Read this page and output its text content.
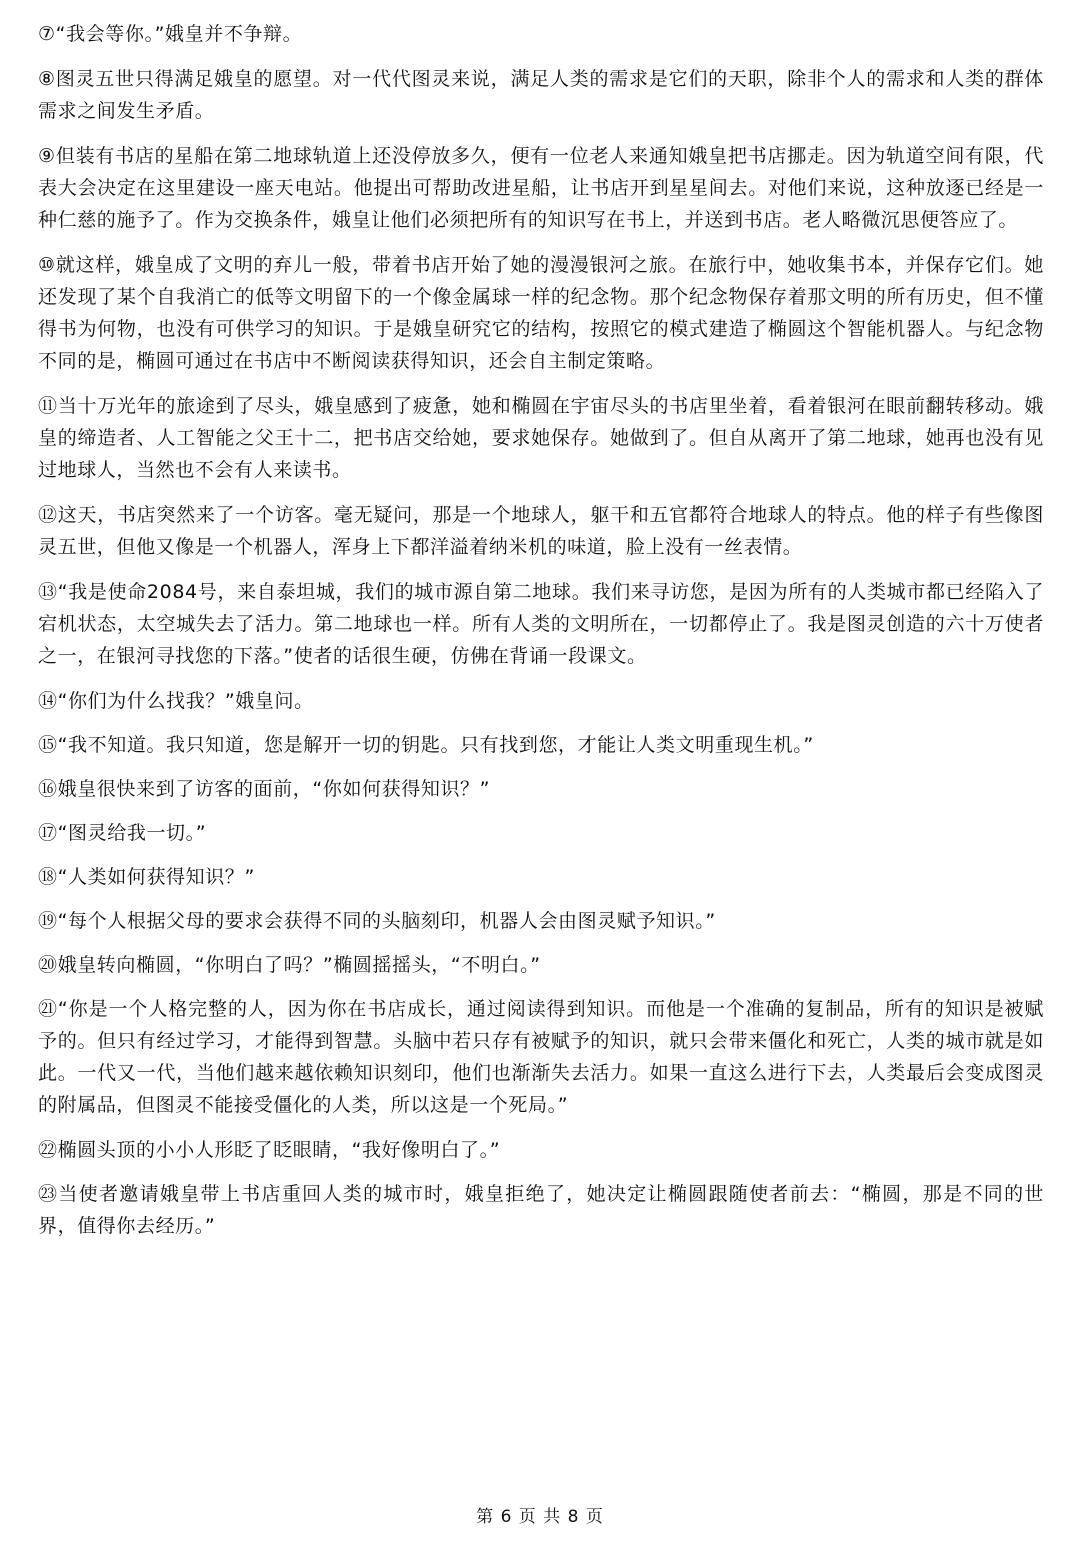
⑦“我会等你。”娥皇并不争辩。

⑧图灵五世只得满足娥皇的愿望。对一代代图灵来说，满足人类的需求是它们的天职，除非个人的需求和人类的群体需求之间发生矛盾。

⑨但装有书店的星船在第二地球轨道上还没停放多久，便有一位老人来通知娥皇把书店挪走。因为轨道空间有限，代表大会决定在这里建设一座天电站。他提出可帮助改进星船，让书店开到星星间去。对他们来说，这种放逐已经是一种仁慈的施予了。作为交换条件，娥皇让他们必须把所有的知识写在书上，并送到书店。老人略微沉思便答应了。

⑩就这样，娥皇成了文明的弃儿一般，带着书店开始了她的漫漫银河之旅。在旅行中，她收集书本，并保存它们。她还发现了某个自我消亡的低等文明留下的一个像金属球一样的纪念物。那个纪念物保存着那文明的所有历史，但不懂得书为何物，也没有可供学习的知识。于是娥皇研究它的结构，按照它的模式建造了椭圆这个智能机器人。与纪念物不同的是，椭圆可通过在书店中不断阅读获得知识，还会自主制定策略。

⑪当十万光年的旅途到了尽头，娥皇感到了疲惫，她和椭圆在宇宙尽头的书店里坐着，看着银河在眼前翻转移动。娥皇的缔造者、人工智能之父王十二，把书店交给她，要求她保存。她做到了。但自从离开了第二地球，她再也没有见过地球人，当然也不会有人来读书。

⑫这天，书店突然来了一个访客。毫无疑问，那是一个地球人，躯干和五官都符合地球人的特点。他的样子有些像图灵五世，但他又像是一个机器人，浑身上下都洋溢着纳米机的味道，脸上没有一丝表情。

⑬“我是使命2084号，来自泰坦城，我们的城市源自第二地球。我们来寻访您，是因为所有的人类城市都已经陷入了宕机状态，太空城失去了活力。第二地球也一样。所有人类的文明所在，一切都停止了。我是图灵创造的六十万使者之一，在银河寻找您的下落。”使者的话很生硬，仿佛在背诵一段课文。

⑭“你们为什么找我？”娥皇问。

⑮“我不知道。我只知道，您是解开一切的钥匙。只有找到您，才能让人类文明重现生机。”

⑯娥皇很快来到了访客的面前，“你如何获得知识？”

⑰“图灵给我一切。”

⑱“人类如何获得知识？”

⑲“每个人根据父母的要求会获得不同的头脑刻印，机器人会由图灵赋予知识。”

⑳娥皇转向椭圆，“你明白了吗？”椭圆摇摇头，“不明白。”

㉑“你是一个人格完整的人，因为你在书店成长，通过阅读得到知识。而他是一个准确的复制品，所有的知识是被赋予的。但只有经过学习，才能得到智慧。头脑中若只存有被赋予的知识，就只会带来僵化和死亡，人类的城市就是如此。一代又一代，当他们越来越依赖知识刻印，他们也渐渐失去活力。如果一直这么进行下去，人类最后会变成图灵的附属品，但图灵不能接受僵化的人类，所以这是一个死局。”

㉒椭圆头顶的小小人形眨了眨眼睛，“我好像明白了。”

㉓当使者邀请娥皇带上书店重回人类的城市时，娥皇拒绝了，她决定让椭圆跟随使者前去：“椭圆，那是不同的世界，值得你去经历。”

第 6 页 共 8 页
